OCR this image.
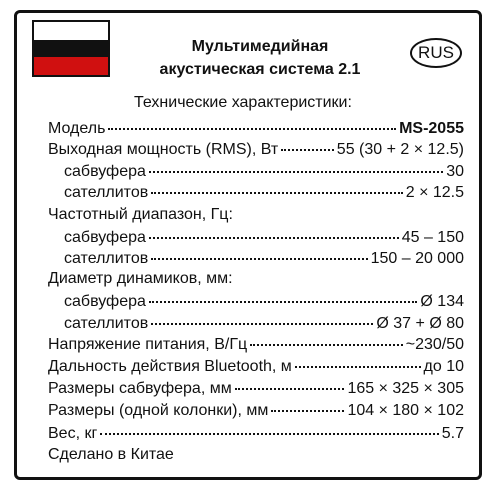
Мультимедийная
акустическая система 2.1
RUS
Технические характеристики:
Модель	MS-2055
Выходная мощность (RMS), Вт	55 (30 + 2 × 12.5)
сабвуфера	30
сателлитов	2 × 12.5
Частотный диапазон, Гц:
сабвуфера	45 – 150
сателлитов	150 – 20 000
Диаметр динамиков, мм:
сабвуфера	Ø 134
сателлитов	Ø 37 + Ø 80
Напряжение питания, В/Гц	~230/50
Дальность действия Bluetooth, м	до 10
Размеры сабвуфера, мм	165 × 325 × 305
Размеры (одной колонки), мм	104 × 180 × 102
Вес, кг	5.7
Сделано в Китае
